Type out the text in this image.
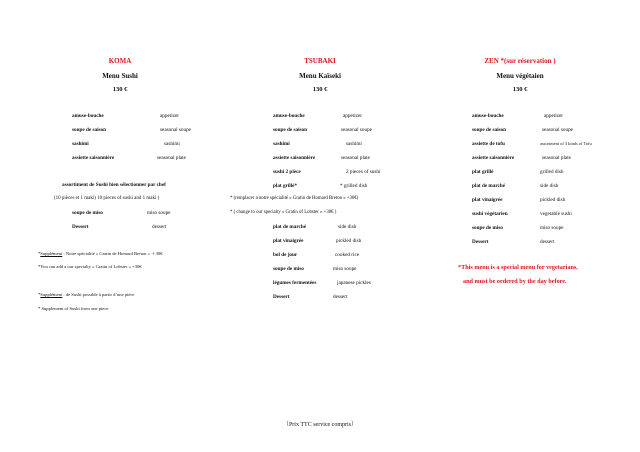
KOMA
Menu Sushi
130 €
amuse-bouche	appetizer
soupe de saison	seasonal soupe
sashimi	sashimi
assiette saisonnière	seasonal plate
assortiment de Sushi bien sélectionner par chef
(10 pièces et 1 maki) 10 pieces of sushi and 1 maki )
soupe de miso	miso soupe
Dessert	dessert
*Supplément : Notre spécialité « Gratin de Homard Breton » ＋30€
*You can add a our specialty « Gratin of Lobster » +30€
*Supplément : de Sushi possible à partir d’une pièce
* Supplement of Sushi from one piece
TSUBAKI
Menu Kaïseki
130 €
amuse-bouche	appetizer
soupe de saison	seasonal soupe
sashimi	sashimi
assiette saisonnière	seasonal plate
sushi 2 pièce	2 pieces of sushi
plat grillé*	* grilled dish
* (remplacer a notre spécialité « Gratin de Homard Breton » +30€)
* ( change to our specialty « Gratin of Lobster » +30€ )
plat de marché	side dish
plat vinaigrée	pickled dish
bol de jour	cooked rice
soupe de miso	miso soupe
légumes fermentées	japanese pickles
Dessert	dessert
ZEN *(sur réservation )
Menu végétaien
130 €
amuse-bouche	appetizer
soupe de saison	seasonal soupe
assiette de tofu	assortment of 3 kinds of Tofu
assiette saisonnière	seasonal plate
plat grillé	grilled dish
plat de marché	side dish
plat vinaigrée	pickled dish
sushi végétarien	vegetable sushi
soupe de miso	miso soupe
Dessert	dessert
*This menu is a special menu for vegetarians,
and must be ordered by the day before.
（Prix TTC service compris）
